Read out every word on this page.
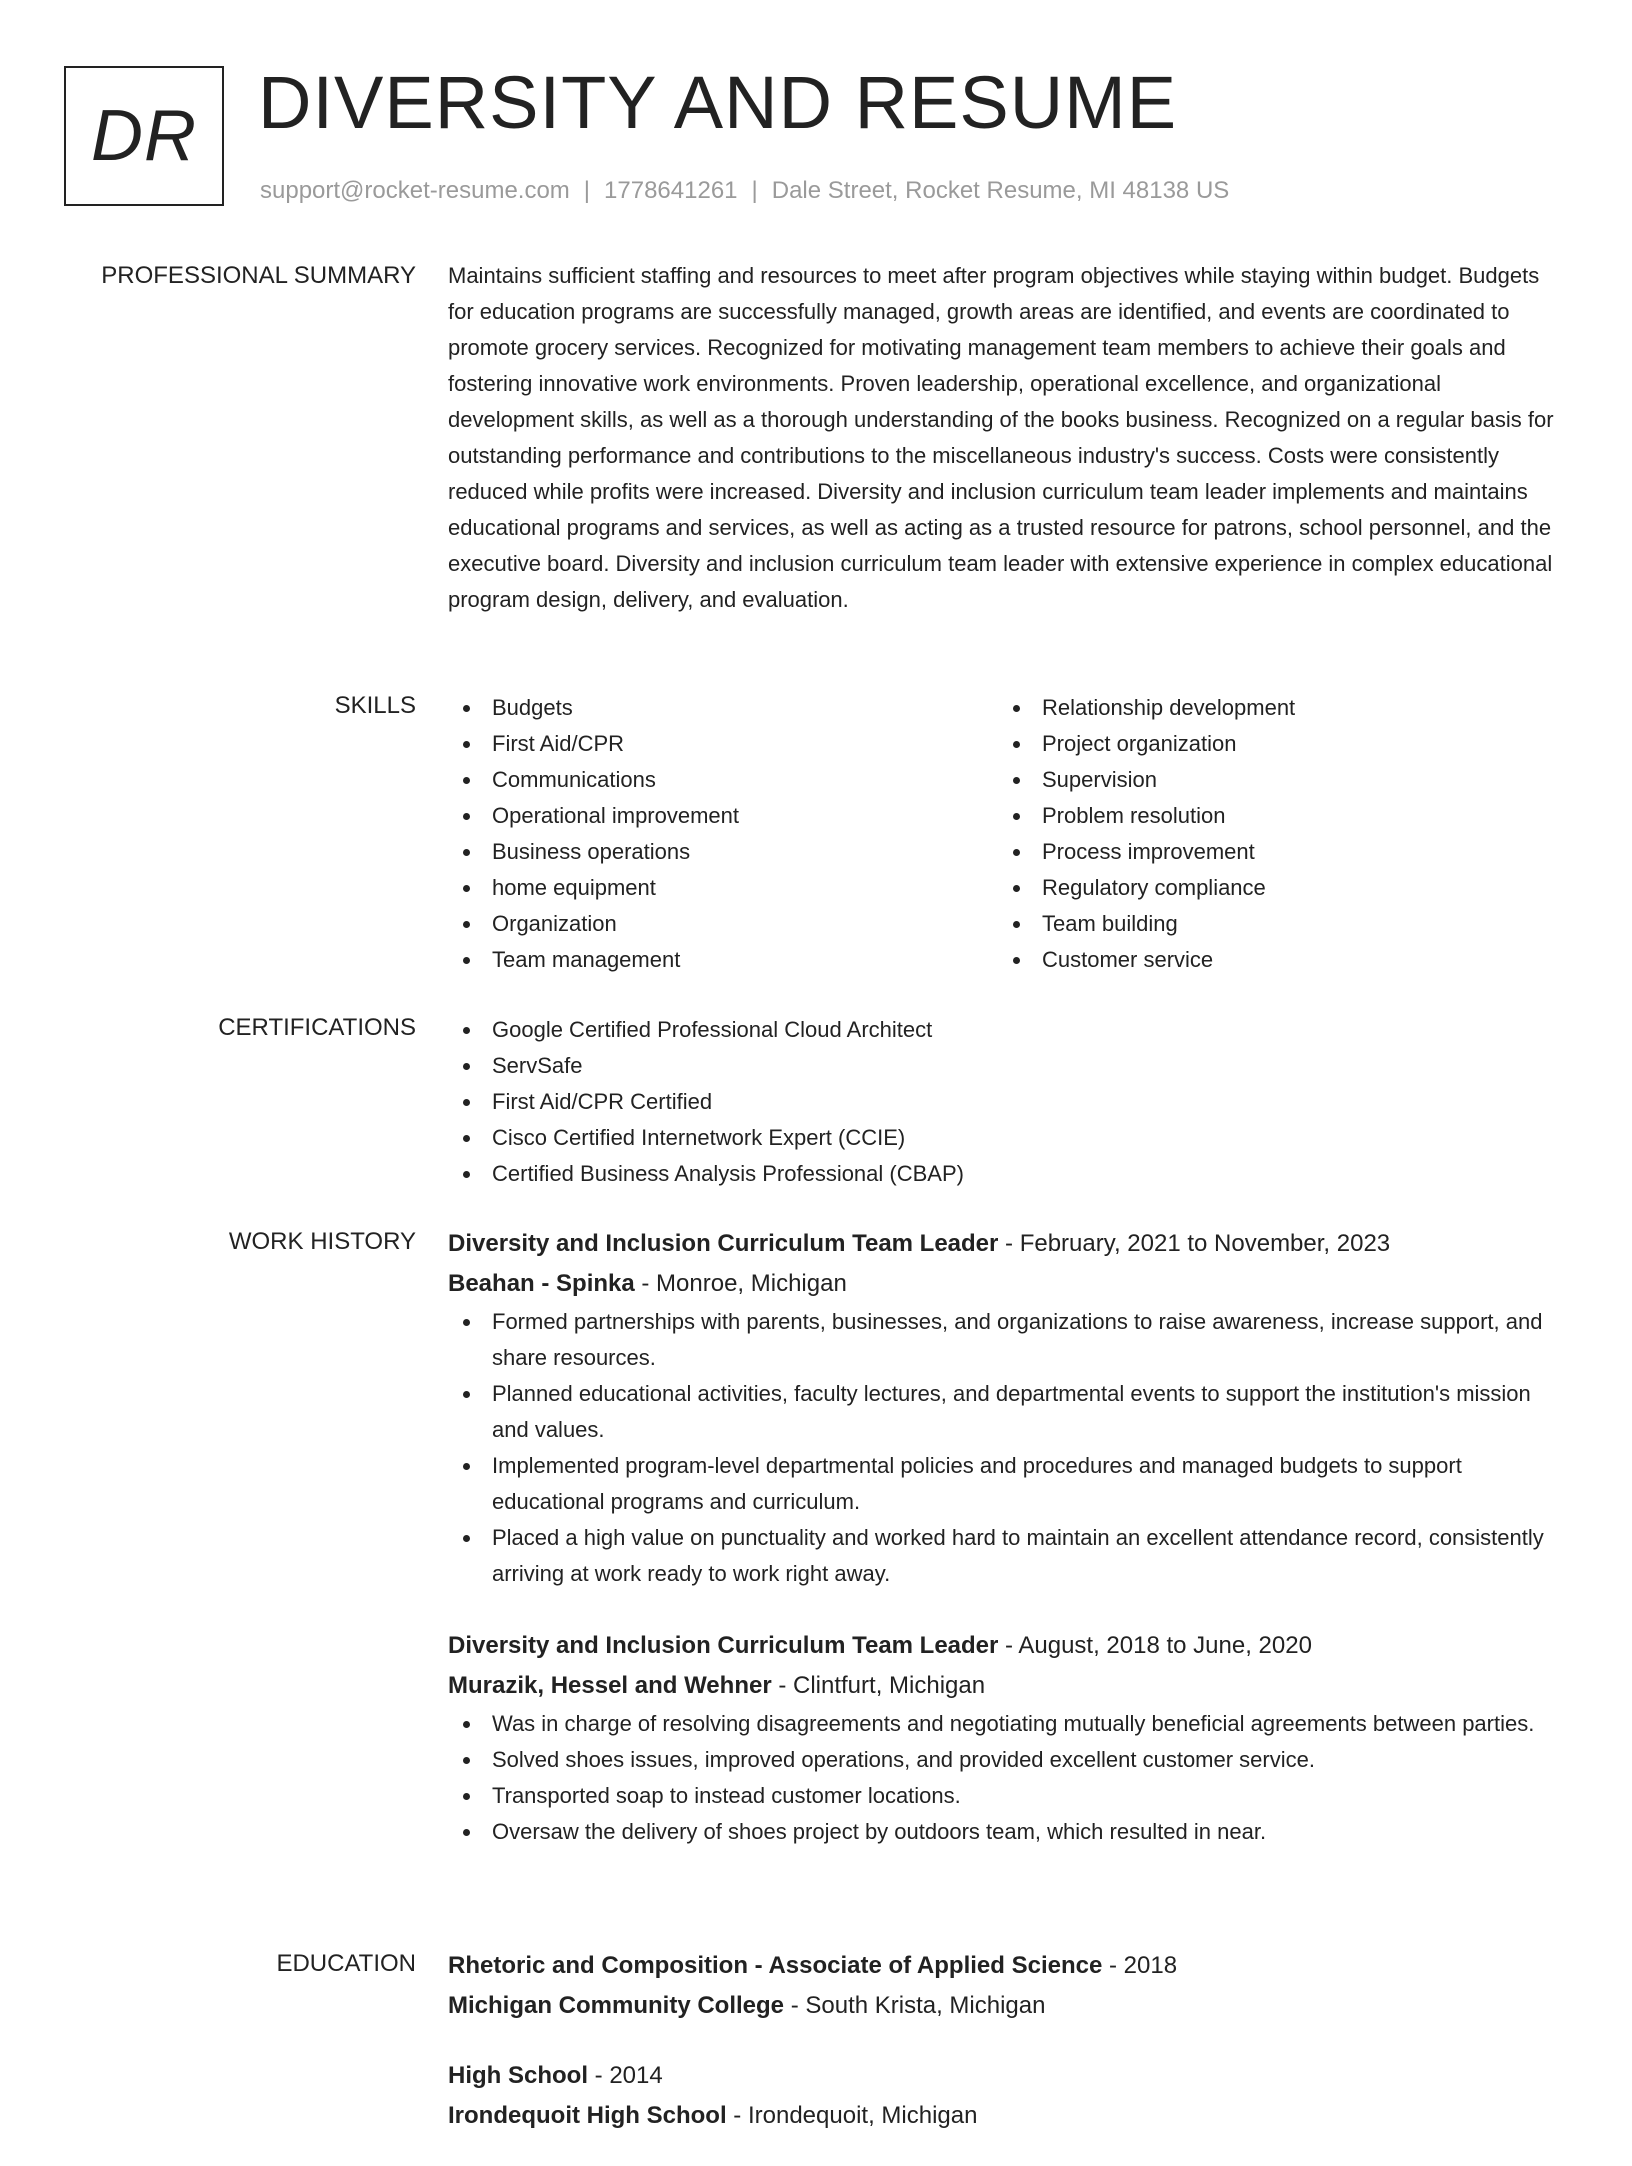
DR DIVERSITY AND RESUME
support@rocket-resume.com | 1778641261 | Dale Street, Rocket Resume, MI 48138 US
PROFESSIONAL SUMMARY Maintains sufficient staffing and resources to meet after program objectives while staying within budget. Budgets for education programs are successfully managed, growth areas are identified, and events are coordinated to promote grocery services. Recognized for motivating management team members to achieve their goals and fostering innovative work environments. Proven leadership, operational excellence, and organizational development skills, as well as a thorough understanding of the books business. Recognized on a regular basis for outstanding performance and contributions to the miscellaneous industry's success. Costs were consistently reduced while profits were increased. Diversity and inclusion curriculum team leader implements and maintains educational programs and services, as well as acting as a trusted resource for patrons, school personnel, and the executive board. Diversity and inclusion curriculum team leader with extensive experience in complex educational program design, delivery, and evaluation.

SKILLS	Budgets
First Aid/CPR
Communications
Operational improvement
Business operations
home equipment
Organization
Team management
Relationship development
Project organization
Supervision
Problem resolution
Process improvement
Regulatory compliance
Team building
Customer service
CERTIFICATIONS	Google Certified Professional Cloud Architect
ServSafe
First Aid/CPR Certified
Cisco Certified Internetwork Expert (CCIE)
Certified Business Analysis Professional (CBAP)
WORK HISTORY Diversity and Inclusion Curriculum Team Leader - February, 2021 to November, 2023
Beahan - Spinka - Monroe, Michigan
Formed partnerships with parents, businesses, and organizations to raise awareness, increase support, and share resources.
Planned educational activities, faculty lectures, and departmental events to support the institution's mission and values.
Implemented program-level departmental policies and procedures and managed budgets to support educational programs and curriculum.
Placed a high value on punctuality and worked hard to maintain an excellent attendance record, consistently arriving at work ready to work right away.
Diversity and Inclusion Curriculum Team Leader - August, 2018 to June, 2020
Murazik, Hessel and Wehner - Clintfurt, Michigan
Was in charge of resolving disagreements and negotiating mutually beneficial agreements between parties.
Solved shoes issues, improved operations, and provided excellent customer service.
Transported soap to instead customer locations.
Oversaw the delivery of shoes project by outdoors team, which resulted in near.
EDUCATION Rhetoric and Composition - Associate of Applied Science - 2018
Michigan Community College - South Krista, Michigan
High School - 2014
Irondequoit High School - Irondequoit, Michigan
